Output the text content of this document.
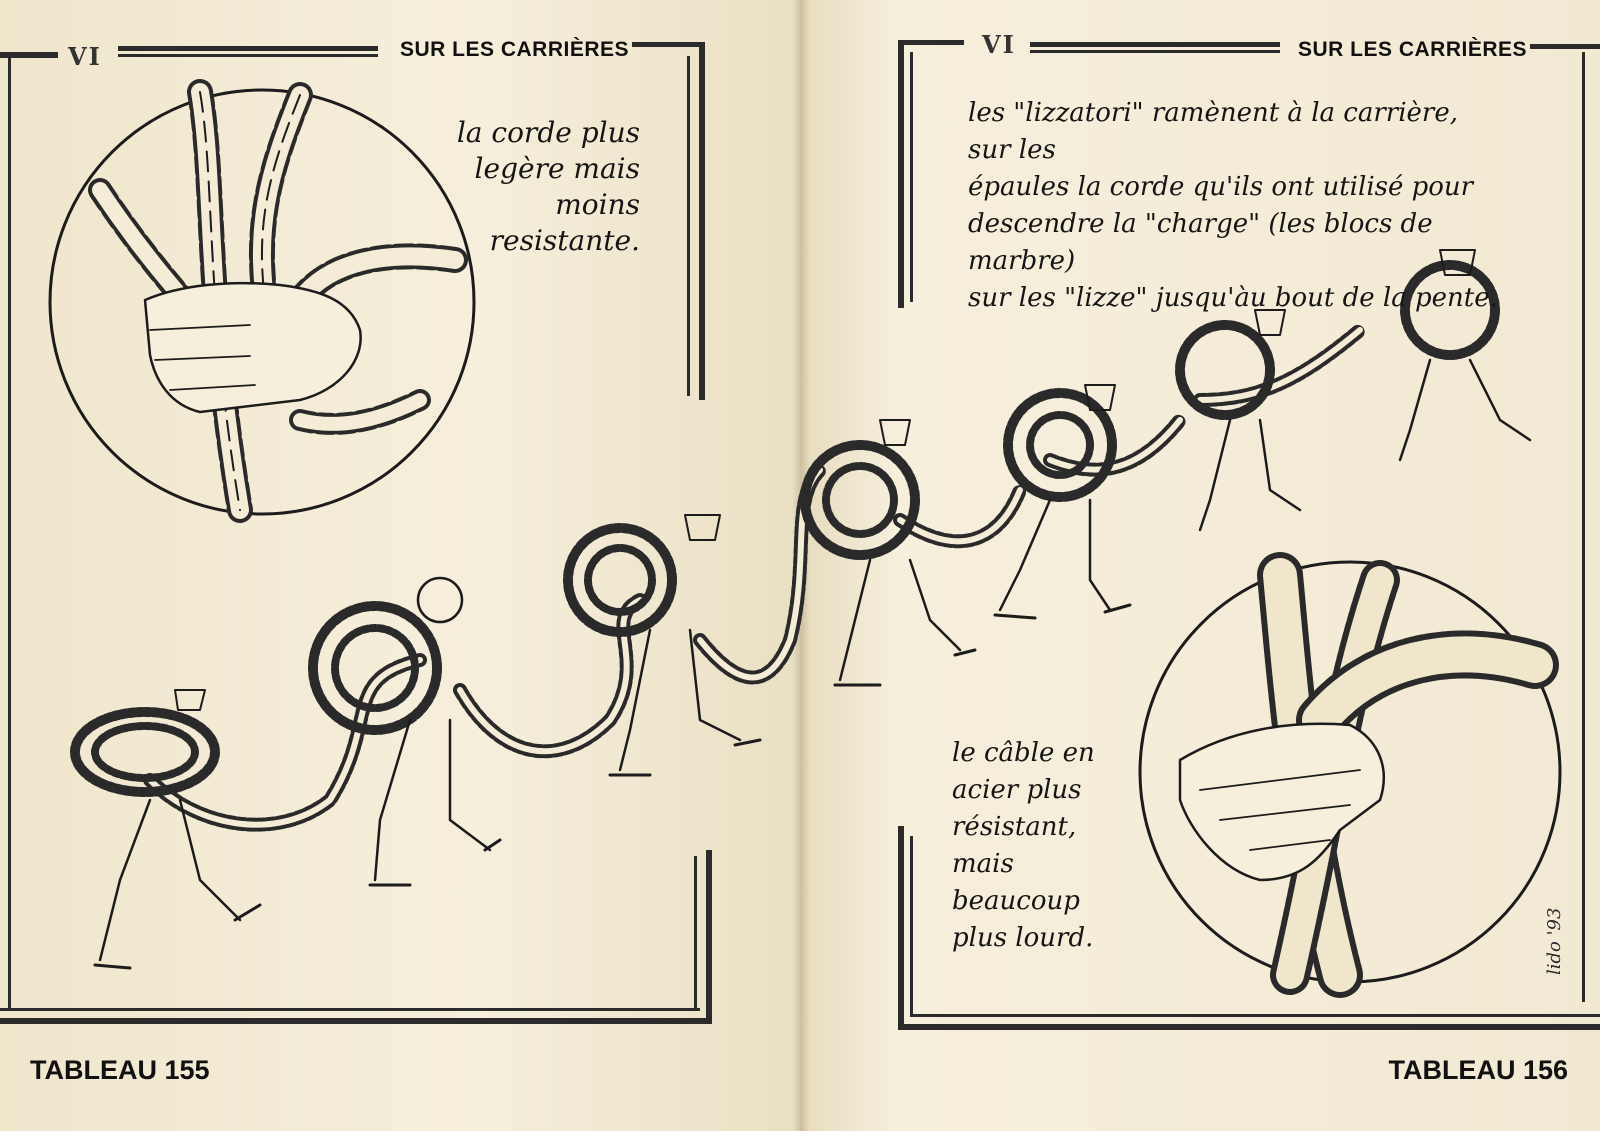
VI	SUR LES CARRIÈRES	VI	SUR LES CARRIÈRES
lido '93
la corde plus
legère mais
moins
resistante.
les "lizzatori" ramènent à la carrière, sur les
épaules la corde qu'ils ont utilisé pour
descendre la "charge" (les blocs de marbre)
sur les "lizze" jusqu'àu bout de la pente.
le câble en
acier plus
résistant,
mais
beaucoup
plus lourd.
TABLEAU 155	TABLEAU 156
